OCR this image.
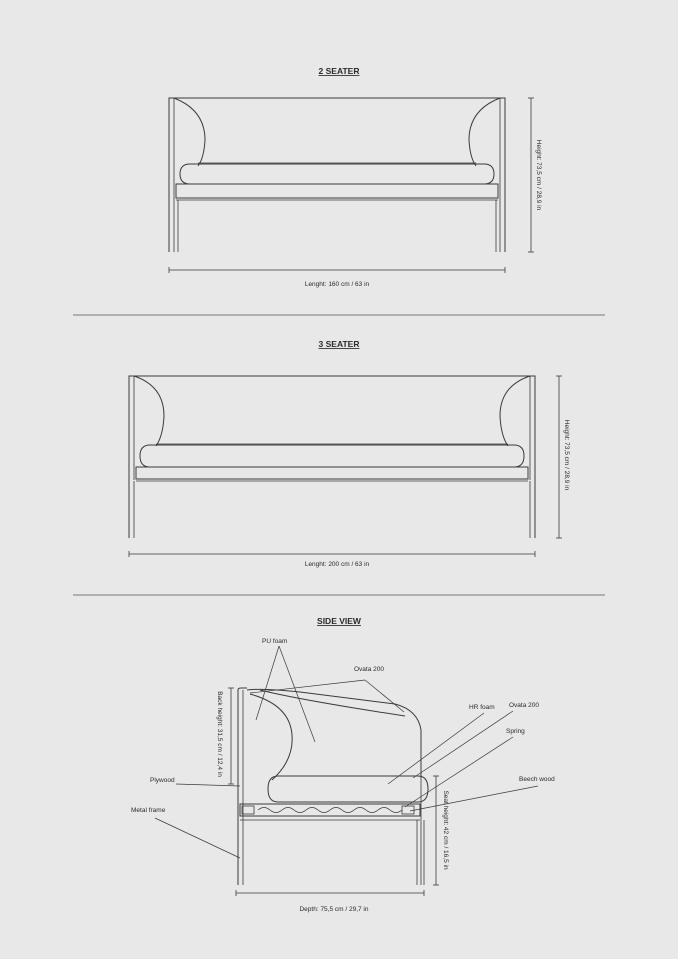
2 SEATER
Height: 73,5 cm / 28,9 in
Lenght: 160 cm / 63 in
3 SEATER
Height: 73,5 cm / 28,9 in
Lenght: 200 cm / 63 in
SIDE VIEW
Back height: 31,5 cm / 12,4 in
Seat height: 42 cm / 16,5 in
Depth: 75,5 cm / 29,7 in
PU foam
Ovata 200
HR foam Ovata 200
Spring
Beech wood
Plywood
Metal frame
